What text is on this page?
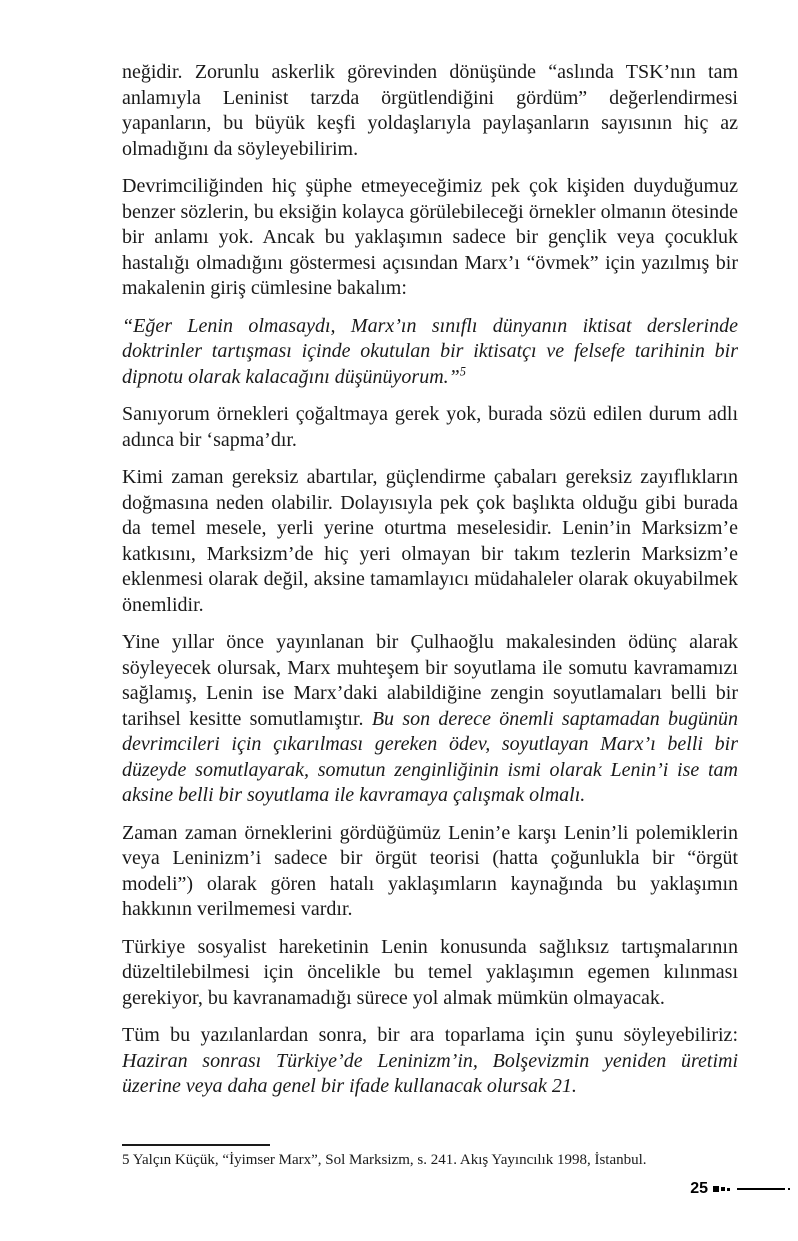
neğidir. Zorunlu askerlik görevinden dönüşünde “aslında TSK’nın tam anlamıyla Leninist tarzda örgütlendiğini gördüm” değerlendirmesi yapanların, bu büyük keşfi yoldaşlarıyla paylaşanların sayısının hiç az olmadığını da söyleyebilirim.

Devrimciliğinden hiç şüphe etmeyeceğimiz pek çok kişiden duyduğumuz benzer sözlerin, bu eksiğin kolayca görülebileceği örnekler olmanın ötesinde bir anlamı yok. Ancak bu yaklaşımın sadece bir gençlik veya çocukluk hastalığı olmadığını göstermesi açısından Marx’ı “övmek” için yazılmış bir makalenin giriş cümlesine bakalım:

“Eğer Lenin olmasaydı, Marx’ın sınıflı dünyanın iktisat derslerinde doktrinler tartışması içinde okutulan bir iktisatçı ve felsefe tarihinin bir dipnotu olarak kalacağını düşünüyorum.”$^5$

Sanıyorum örnekleri çoğaltmaya gerek yok, burada sözü edilen durum adlı adınca bir ‘sapma’dır.

Kimi zaman gereksiz abartılar, güçlendirme çabaları gereksiz zayıflıkların doğmasına neden olabilir. Dolayısıyla pek çok başlıkta olduğu gibi burada da temel mesele, yerli yerine oturtma meselesidir. Lenin’in Marksizm’e katkısını, Marksizm’de hiç yeri olmayan bir takım tezlerin Marksizm’e eklenmesi olarak değil, aksine tamamlayıcı müdahaleler olarak okuyabilmek önemlidir.

Yine yıllar önce yayınlanan bir Çulhaoğlu makalesinden ödünç alarak söyleyecek olursak, Marx muhteşem bir soyutlama ile somutu kavramamızı sağlamış, Lenin ise Marx’daki alabildiğine zengin soyutlamaları belli bir tarihsel kesitte somutlamıştır. Bu son derece önemli saptamadan bugünün devrimcileri için çıkarılması gereken ödev, soyutlayan Marx’ı belli bir düzeyde somutlayarak, somutun zenginliğinin ismi olarak Lenin’i ise tam aksine belli bir soyutlama ile kavramaya çalışmak olmalı.

Zaman zaman örneklerini gördüğümüz Lenin’e karşı Lenin’li polemiklerin veya Leninizm’i sadece bir örgüt teorisi (hatta çoğunlukla bir “örgüt modeli”) olarak gören hatalı yaklaşımların kaynağında bu yaklaşımın hakkının verilmemesi vardır.

Türkiye sosyalist hareketinin Lenin konusunda sağlıksız tartışmalarının düzeltilebilmesi için öncelikle bu temel yaklaşımın egemen kılınması gerekiyor, bu kavranamadığı sürece yol almak mümkün olmayacak.

Tüm bu yazılanlardan sonra, bir ara toparlama için şunu söyleyebiliriz: Haziran sonrası Türkiye’de Leninizm’in, Bolşevizmin yeniden üretimi üzerine veya daha genel bir ifade kullanacak olursak 21.

5 Yalçın Küçük, “İyimser Marx”, Sol Marksizm, s. 241. Akış Yayıncılık 1998, İstanbul.
25
